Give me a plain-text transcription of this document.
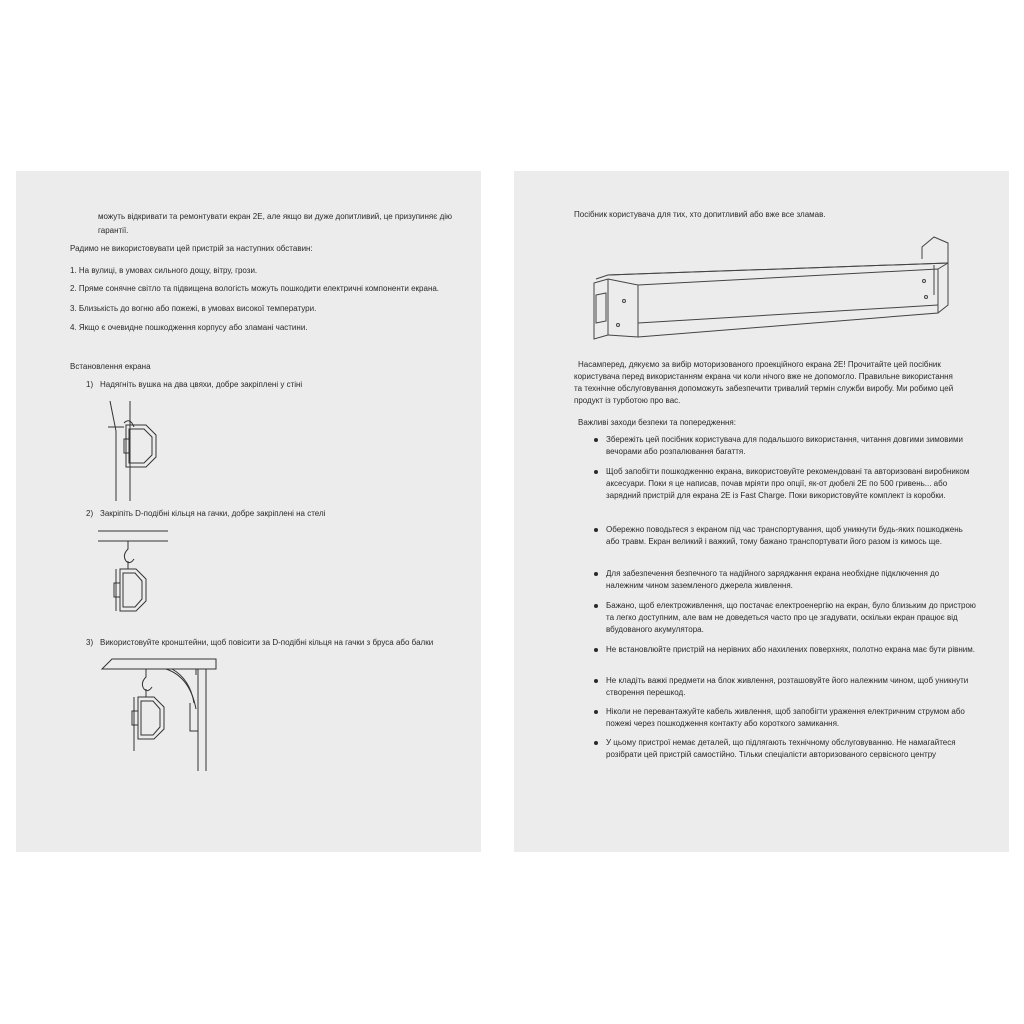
можуть відкривати та ремонтувати екран 2E, але якщо ви дуже допитливий, це призупиняє дію
гарантії.
Радимо не використовувати цей пристрій за наступних обставин:
1. На вулиці, в умовах сильного дощу, вітру, грози.
2. Пряме сонячне світло та підвищена вологість можуть пошкодити електричні компоненти екрана.
3. Близькість до вогню або пожежі, в умовах високої температури.
4. Якщо є очевидне пошкодження корпусу або зламані частини.
Встановлення екрана
1) Надягніть вушка на два цвяхи, добре закріплені у стіні
2) Закріпіть D-подібні кільця на гачки, добре закріплені на стелі
3) Використовуйте кронштейни, щоб повісити за D-подібні кільця на гачки з бруса або балки
Посібник користувача для тих, хто допитливий або вже все зламав.
Насамперед, дякуємо за вибір моторизованого проекційного екрана 2E! Прочитайте цей посібник
користувача перед використанням екрана чи коли нічого вже не допомогло. Правильне використання
та технічне обслуговування допоможуть забезпечити тривалий термін служби виробу. Ми робимо цей
продукт із турботою про вас.
Важливі заходи безпеки та попередження:
Збережіть цей посібник користувача для подальшого використання, читання довгими зимовими вечорами або розпалювання багаття.
Щоб запобігти пошкодженню екрана, використовуйте рекомендовані та авторизовані виробником аксесуари. Поки я це написав, почав мріяти про опції, як-от дюбелі 2E по 500 гривень... або зарядний пристрій для екрана 2E із Fast Charge. Поки використовуйте комплект із коробки.
Обережно поводьтеся з екраном під час транспортування, щоб уникнути будь-яких пошкоджень або травм. Екран великий і важкий, тому бажано транспортувати його разом із кимось ще.
Для забезпечення безпечного та надійного заряджання екрана необхідне підключення до належним чином заземленого джерела живлення.
Бажано, щоб електроживлення, що постачає електроенергію на екран, було близьким до пристрою та легко доступним, але вам не доведеться часто про це згадувати, оскільки екран працює від вбудованого акумулятора.
Не встановлюйте пристрій на нерівних або нахилених поверхнях, полотно екрана має бути рівним.
Не кладіть важкі предмети на блок живлення, розташовуйте його належним чином, щоб уникнути створення перешкод.
Ніколи не перевантажуйте кабель живлення, щоб запобігти ураження електричним струмом або пожежі через пошкодження контакту або короткого замикання.
У цьому пристрої немає деталей, що підлягають технічному обслуговуванню. Не намагайтеся розібрати цей пристрій самостійно. Тільки спеціалісти авторизованого сервісного центру
